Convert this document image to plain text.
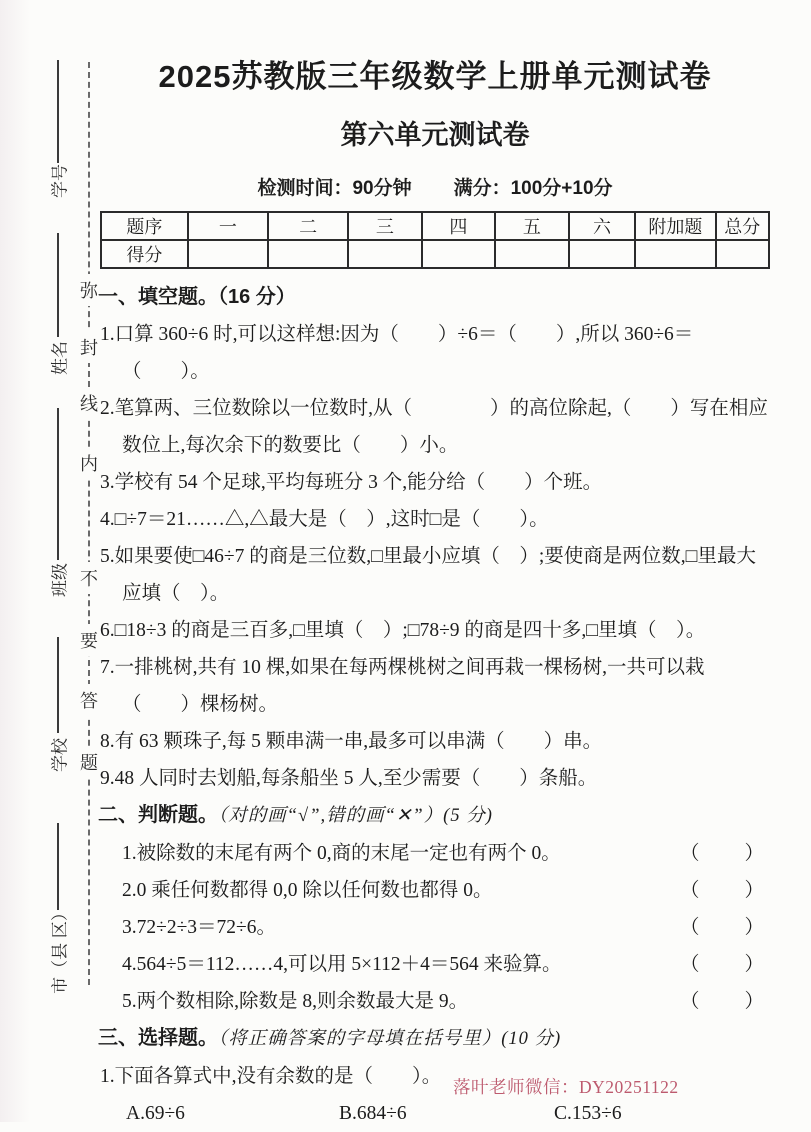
学号
姓名
班级
学校
市（县 区）
弥
封
线
内
不
要
答
题
2025苏教版三年级数学上册单元测试卷
第六单元测试卷
检测时间：90分钟 满分：100分+10分
题序	一	二	三	四	五	六	附加题	总分
得分								
一、填空题。（16 分）
1.口算 360÷6 时,可以这样想:因为（　　）÷6＝（　　）,所以 360÷6＝（　　）。
2.笔算两、三位数除以一位数时,从（　　　　）的高位除起,（　　）写在相应数位上,每次余下的数要比（　　）小。
3.学校有 54 个足球,平均每班分 3 个,能分给（　　）个班。
4.□÷7＝21……△,△最大是（　）,这时□是（　　）。
5.如果要使□46÷7 的商是三位数,□里最小应填（　）;要使商是两位数,□里最大应填（　）。
6.□18÷3 的商是三百多,□里填（　）;□78÷9 的商是四十多,□里填（　）。
7.一排桃树,共有 10 棵,如果在每两棵桃树之间再栽一棵杨树,一共可以栽（　　）棵杨树。
8.有 63 颗珠子,每 5 颗串满一串,最多可以串满（　　）串。
9.48 人同时去划船,每条船坐 5 人,至少需要（　　）条船。
二、判断题。（对的画“√”,错的画“✕”）(5 分)
1.被除数的末尾有两个 0,商的末尾一定也有两个 0。	（　　）
2.0 乘任何数都得 0,0 除以任何数也都得 0。	（　　）
3.72÷2÷3＝72÷6。	（　　）
4.564÷5＝112……4,可以用 5×112＋4＝564 来验算。	（　　）
5.两个数相除,除数是 8,则余数最大是 9。	（　　）
三、选择题。（将正确答案的字母填在括号里）(10 分)
1.下面各算式中,没有余数的是（　　）。
A.69÷6	B.684÷6	C.153÷6
落叶老师微信：DY20251122
